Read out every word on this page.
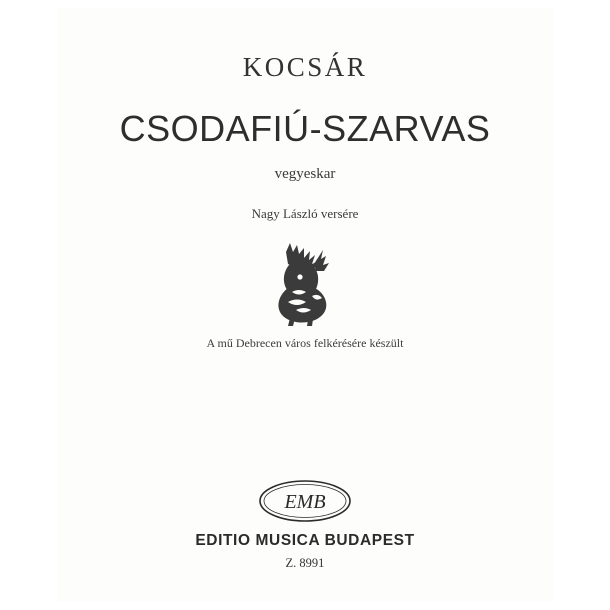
KOCSÁR
CSODAFIÚ-SZARVAS
vegyeskar
Nagy László versére
A mű Debrecen város felkérésére készült
EMB
EDITIO MUSICA BUDAPEST
Z. 8991
